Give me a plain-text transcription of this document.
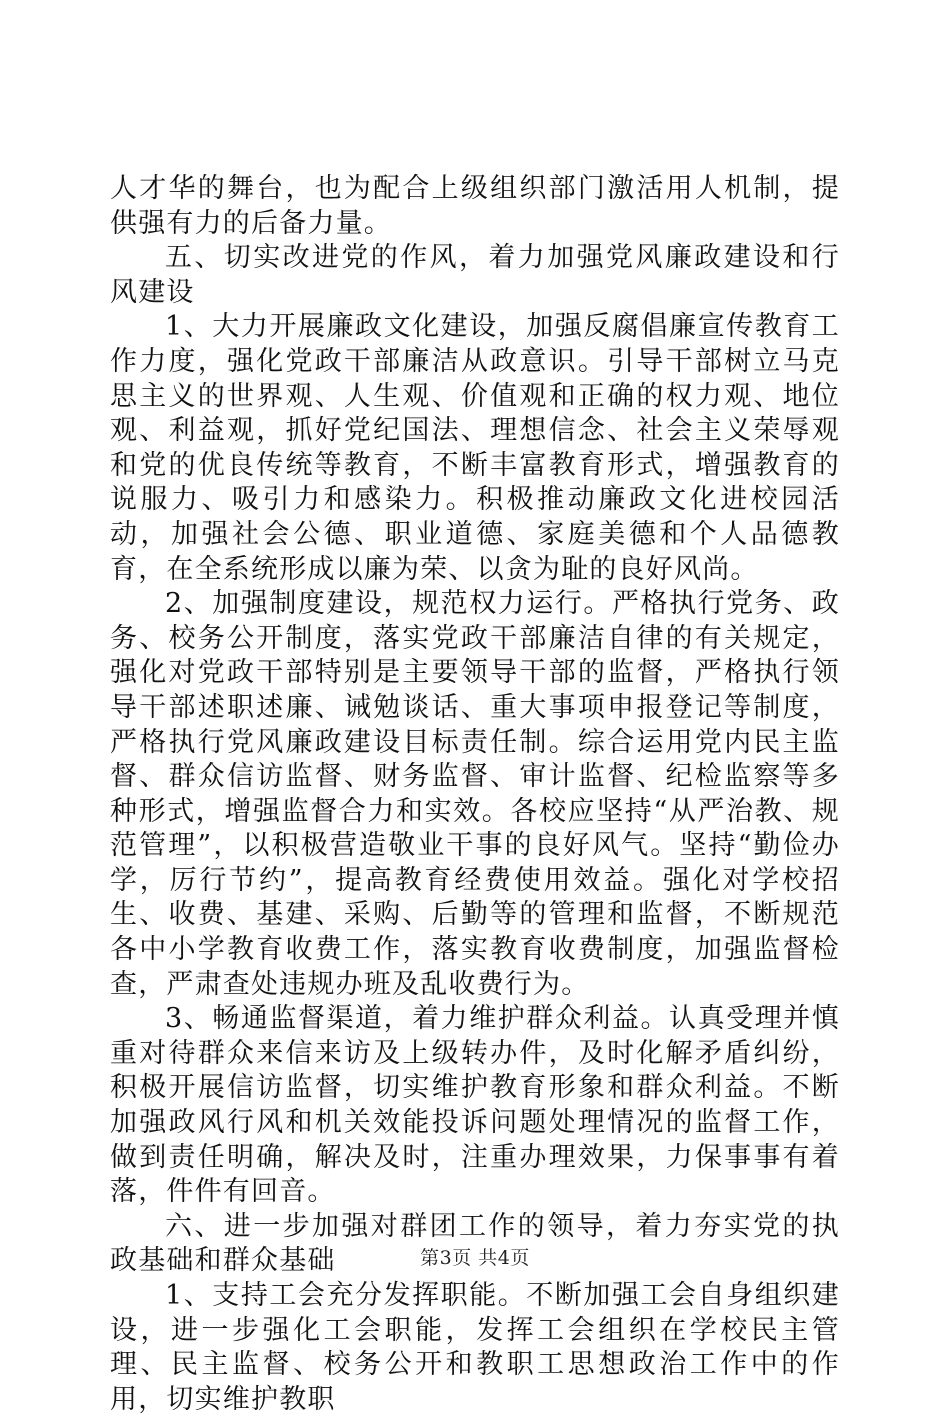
人才华的舞台，也为配合上级组织部门激活用人机制，提供强有力的后备力量。

五、切实改进党的作风，着力加强党风廉政建设和行风建设

1、大力开展廉政文化建设，加强反腐倡廉宣传教育工作力度，强化党政干部廉洁从政意识。引导干部树立马克思主义的世界观、人生观、价值观和正确的权力观、地位观、利益观，抓好党纪国法、理想信念、社会主义荣辱观和党的优良传统等教育，不断丰富教育形式，增强教育的说服力、吸引力和感染力。积极推动廉政文化进校园活动，加强社会公德、职业道德、家庭美德和个人品德教育，在全系统形成以廉为荣、以贪为耻的良好风尚。

2、加强制度建设，规范权力运行。严格执行党务、政务、校务公开制度，落实党政干部廉洁自律的有关规定，强化对党政干部特别是主要领导干部的监督，严格执行领导干部述职述廉、诫勉谈话、重大事项申报登记等制度，严格执行党风廉政建设目标责任制。综合运用党内民主监督、群众信访监督、财务监督、审计监督、纪检监察等多种形式，增强监督合力和实效。各校应坚持“从严治教、规范管理”，以积极营造敬业干事的良好风气。坚持“勤俭办学，厉行节约”，提高教育经费使用效益。强化对学校招生、收费、基建、采购、后勤等的管理和监督，不断规范各中小学教育收费工作，落实教育收费制度，加强监督检查，严肃查处违规办班及乱收费行为。

3、畅通监督渠道，着力维护群众利益。认真受理并慎重对待群众来信来访及上级转办件，及时化解矛盾纠纷，积极开展信访监督，切实维护教育形象和群众利益。不断加强政风行风和机关效能投诉问题处理情况的监督工作，做到责任明确，解决及时，注重办理效果，力保事事有着落，件件有回音。

六、进一步加强对群团工作的领导，着力夯实党的执政基础和群众基础

1、支持工会充分发挥职能。不断加强工会自身组织建设，进一步强化工会职能，发挥工会组织在学校民主管理、民主监督、校务公开和教职工思想政治工作中的作用，切实维护教职

第3页 共4页
